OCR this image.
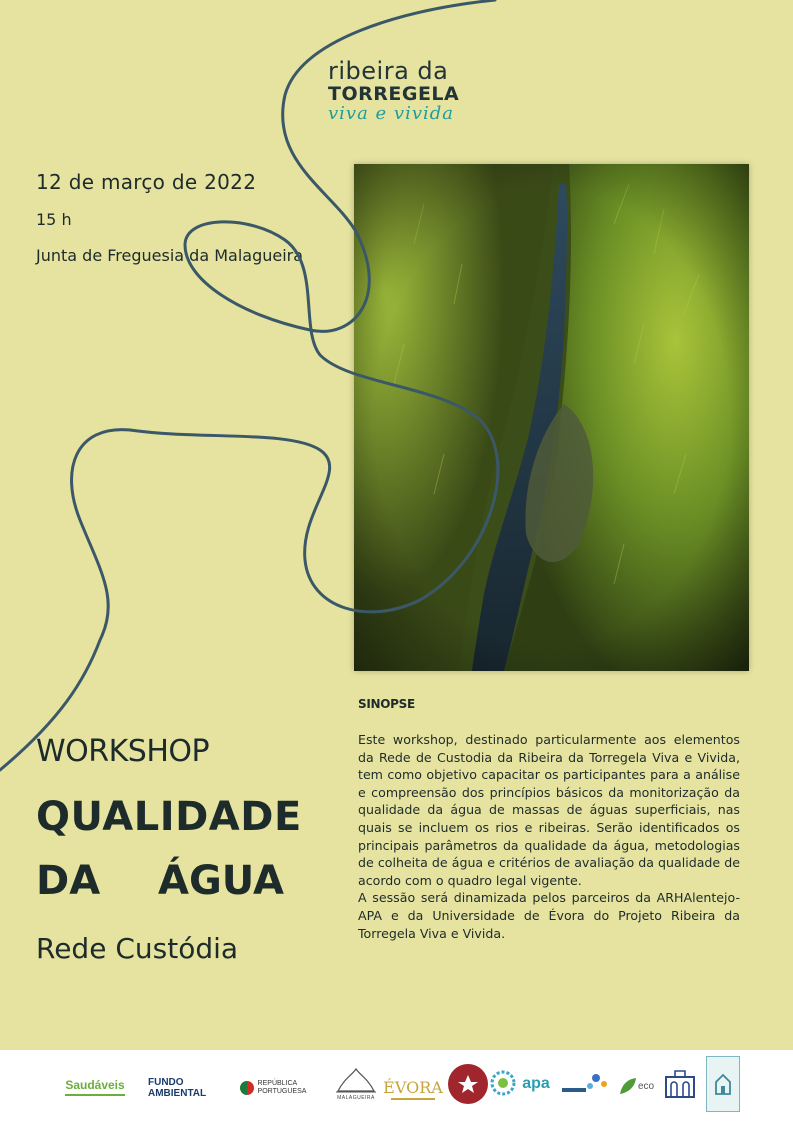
ribeira da
TORREGELA
viva e vivida
12 de março de 2022
15 h
Junta de Freguesia da Malagueira
WORKSHOP
QUALIDADE
DA ÁGUA
Rede Custódia
SINOPSE

Este workshop, destinado particularmente aos elementos da Rede de Custodia da Ribeira da Torregela Viva e Vivida, tem como objetivo capacitar os participantes para a análise e compreensão dos princípios básicos da monitorização da qualidade da água de massas de águas superficiais, nas quais se incluem os rios e ribeiras. Serão identificados os principais parâmetros da qualidade da água, metodologias de colheita de água e critérios de avaliação da qualidade de acordo com o quadro legal vigente.

A sessão será dinamizada pelos parceiros da ARHAlentejo-APA e da Universidade de Évora do Projeto Ribeira da Torregela Viva e Vivida.

Saudáveis FUNDO
AMBIENTAL
REPÚBLICA
PORTUGUESA
MALAGUEIRA
ÉVORA	apa	eco
